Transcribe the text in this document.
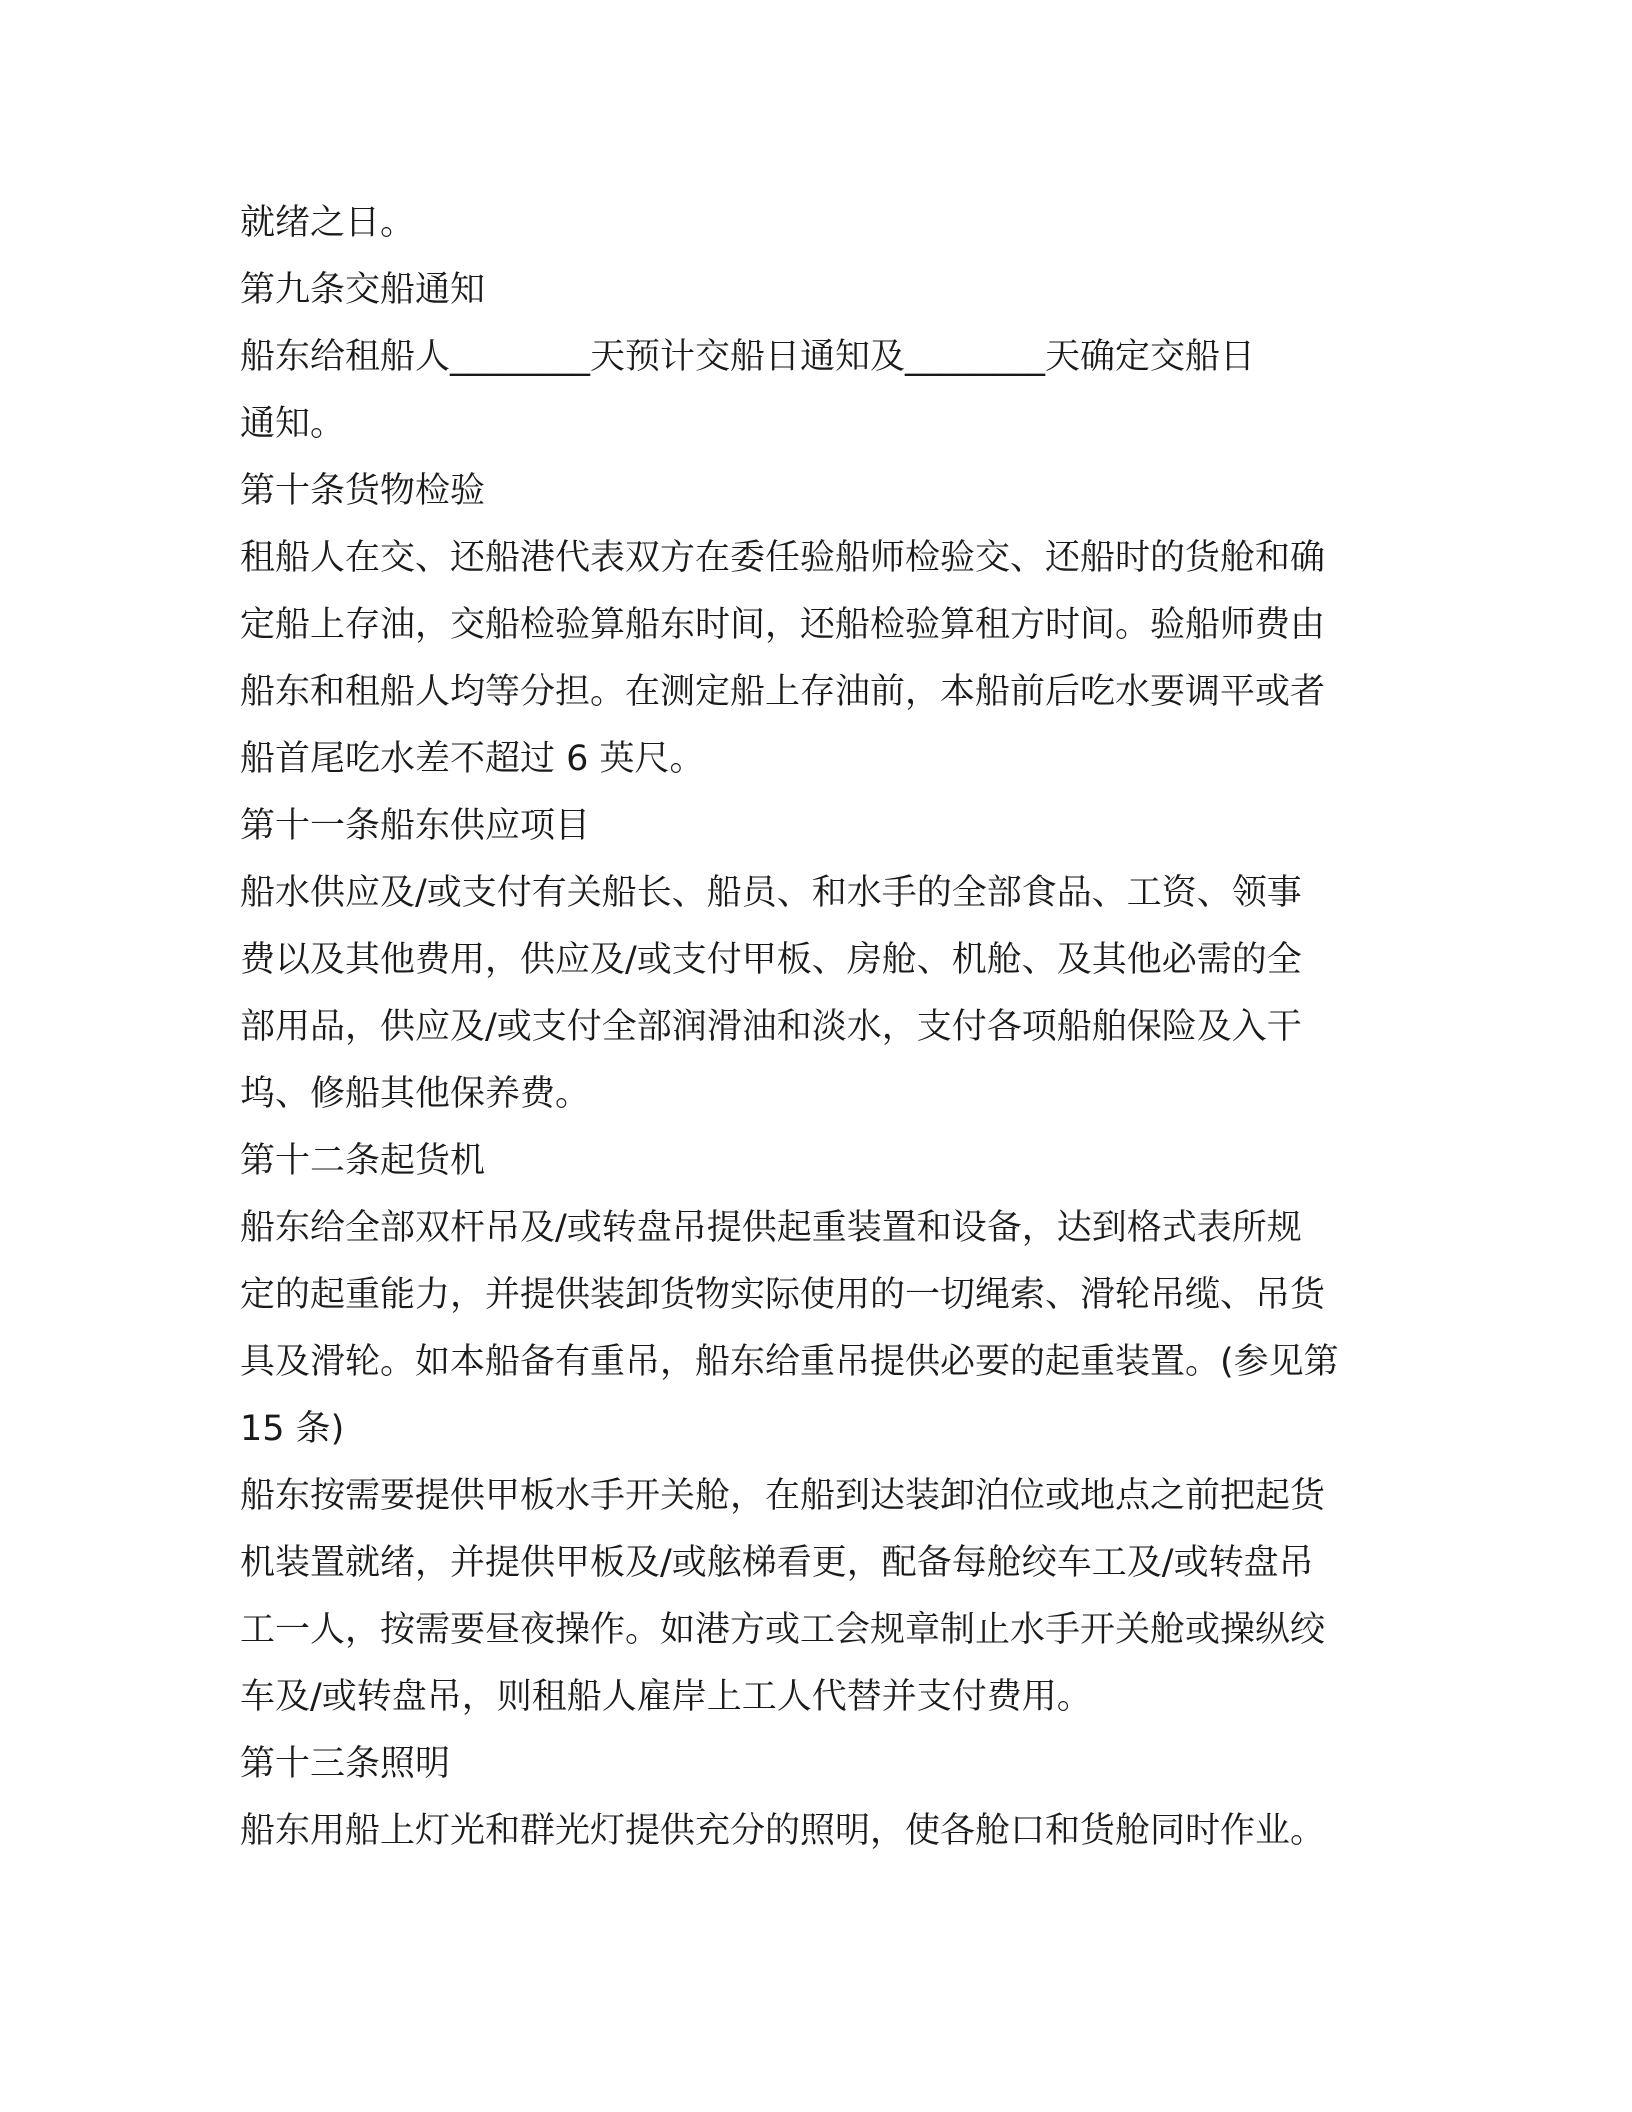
就绪之日。
第九条交船通知
船东给租船人________天预计交船日通知及________天确定交船日
通知。
第十条货物检验
租船人在交、还船港代表双方在委任验船师检验交、还船时的货舱和确
定船上存油，交船检验算船东时间，还船检验算租方时间。验船师费由
船东和租船人均等分担。在测定船上存油前，本船前后吃水要调平或者
船首尾吃水差不超过 6 英尺。
第十一条船东供应项目
船水供应及/或支付有关船长、船员、和水手的全部食品、工资、领事
费以及其他费用，供应及/或支付甲板、房舱、机舱、及其他必需的全
部用品，供应及/或支付全部润滑油和淡水，支付各项船舶保险及入干
坞、修船其他保养费。
第十二条起货机
船东给全部双杆吊及/或转盘吊提供起重装置和设备，达到格式表所规
定的起重能力，并提供装卸货物实际使用的一切绳索、滑轮吊缆、吊货
具及滑轮。如本船备有重吊，船东给重吊提供必要的起重装置。(参见第
15 条)
船东按需要提供甲板水手开关舱，在船到达装卸泊位或地点之前把起货
机装置就绪，并提供甲板及/或舷梯看更，配备每舱绞车工及/或转盘吊
工一人，按需要昼夜操作。如港方或工会规章制止水手开关舱或操纵绞
车及/或转盘吊，则租船人雇岸上工人代替并支付费用。
第十三条照明
船东用船上灯光和群光灯提供充分的照明，使各舱口和货舱同时作业。
